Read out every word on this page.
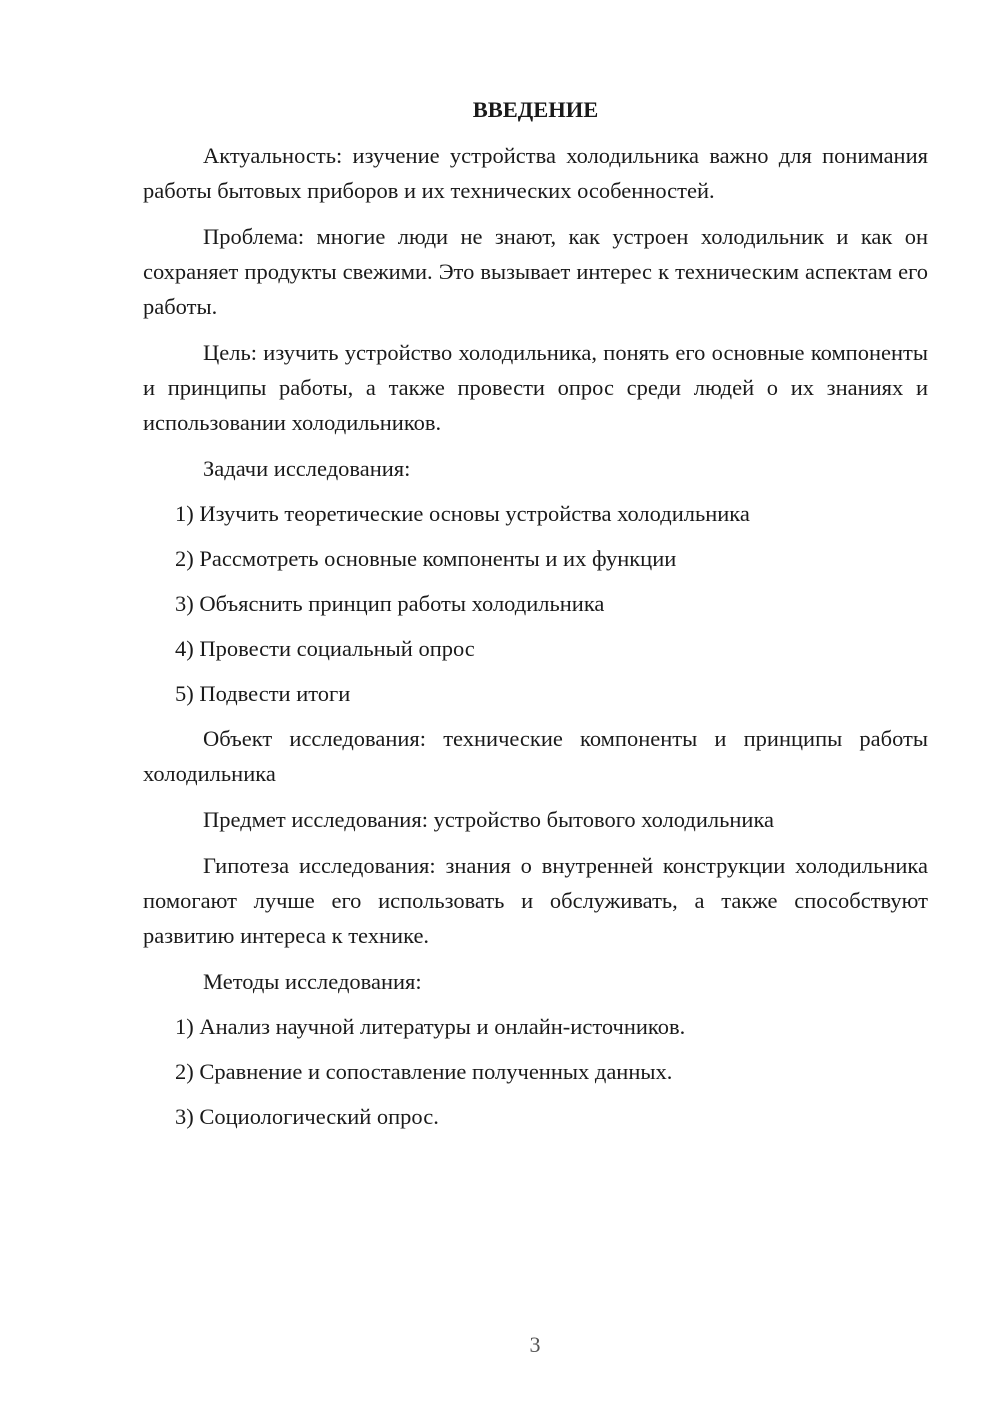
ВВЕДЕНИЕ

Актуальность: изучение устройства холодильника важно для понимания работы бытовых приборов и их технических особенностей.

Проблема: многие люди не знают, как устроен холодильник и как он сохраняет продукты свежими. Это вызывает интерес к техническим аспектам его работы.

Цель: изучить устройство холодильника, понять его основные компоненты и принципы работы, а также провести опрос среди людей о их знаниях и использовании холодильников.

Задачи исследования:
1) Изучить теоретические основы устройства холодильника
2) Рассмотреть основные компоненты и их функции
3) Объяснить принцип работы холодильника
4) Провести социальный опрос
5) Подвести итоги

Объект исследования: технические компоненты и принципы работы холодильника

Предмет исследования: устройство бытового холодильника

Гипотеза исследования: знания о внутренней конструкции холодильника помогают лучше его использовать и обслуживать, а также способствуют развитию интереса к технике.

Методы исследования:
1) Анализ научной литературы и онлайн-источников.
2) Сравнение и сопоставление полученных данных.
3) Социологический опрос.
3
